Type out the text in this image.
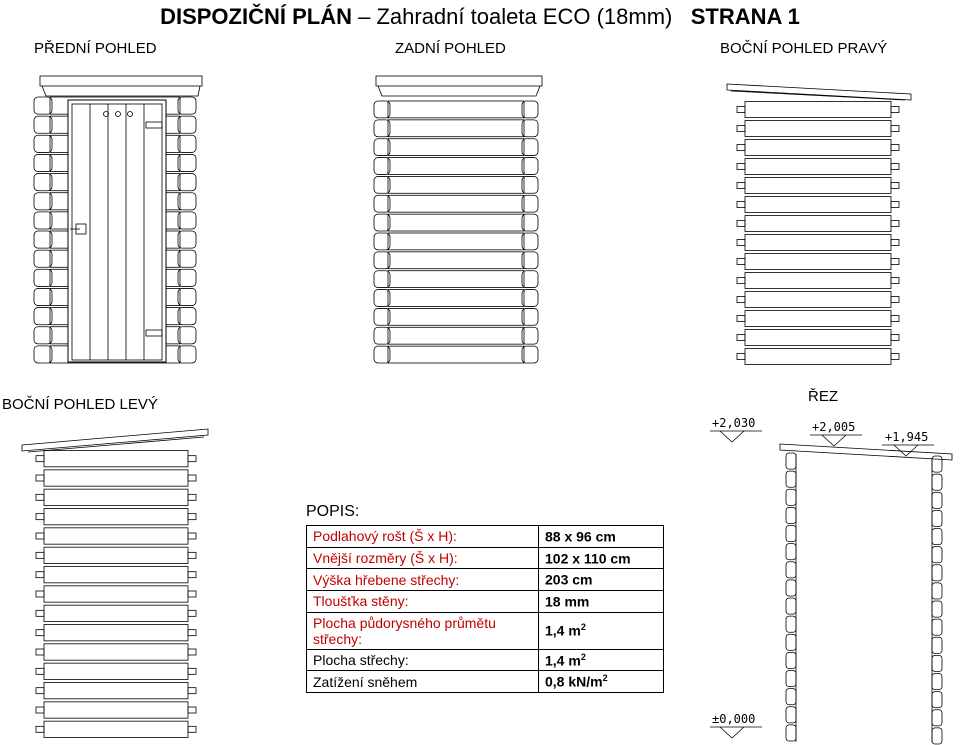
DISPOZIČNÍ PLÁN – Zahradní toaleta ECO (18mm) STRANA 1
PŘEDNÍ POHLED	ZADNÍ POHLED	BOČNÍ POHLED PRAVÝ
BOČNÍ POHLED LEVÝ	ŘEZ
+2,030	+2,005
+1,945
±0,000
POPIS:
Podlahový rošt (Š x H):	88 x 96 cm
Vnější rozměry (Š x H):	102 x 110 cm
Výška hřebene střechy:	203 cm
Tloušťka stěny:	18 mm
Plocha půdorysného průmětu střechy:	1,4 $m^2$
Plocha střechy:	1,4 $m^2$
Zatížení sněhem	0,8 $kN/m^2$
